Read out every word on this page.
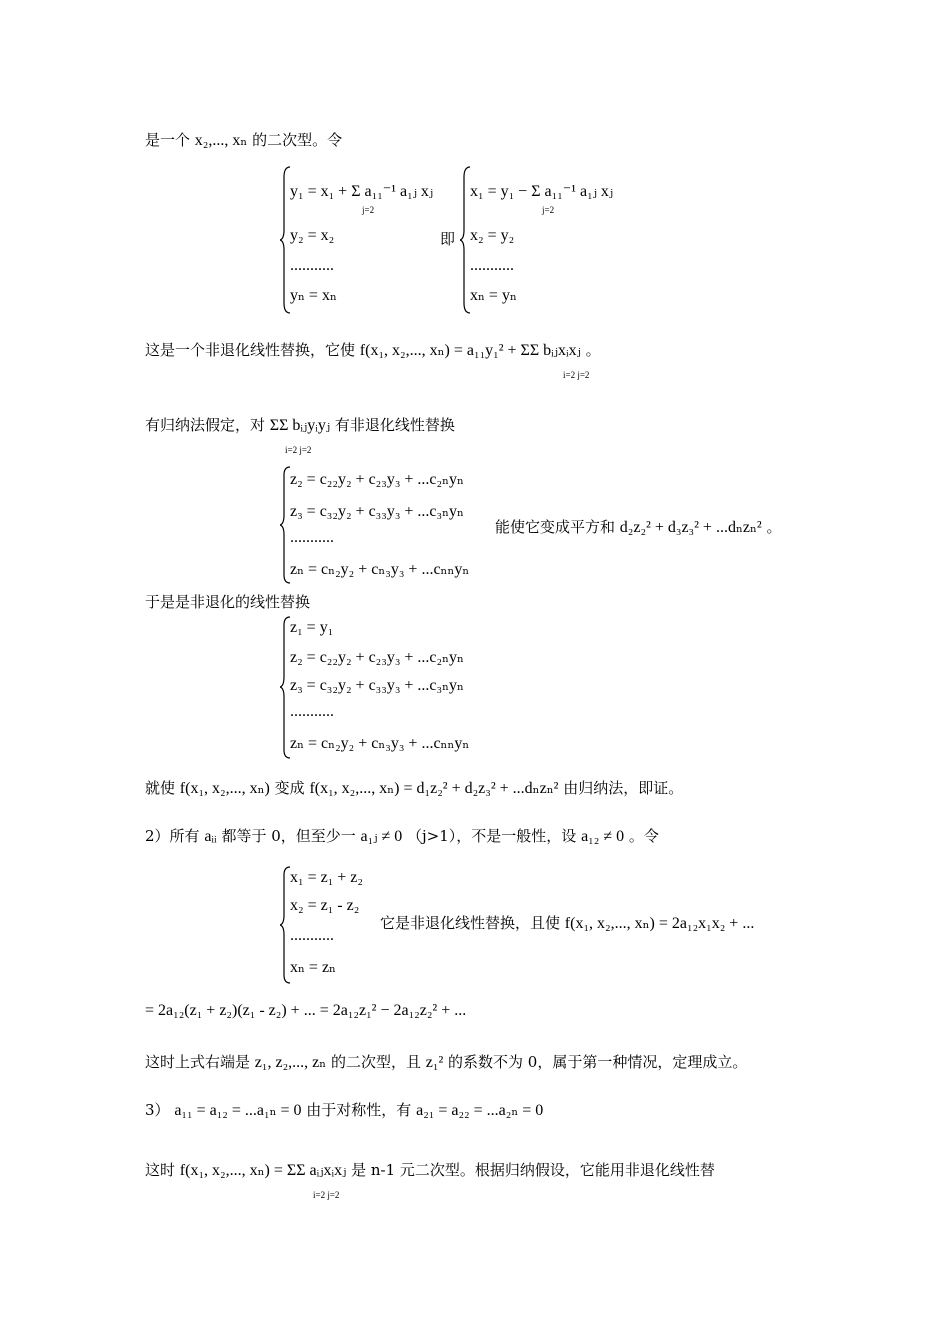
是一个 x₂,..., xₙ 的二次型。令
y₁ = x₁ + Σ a₁₁⁻¹ a₁ⱼ xⱼ
j=2
y₂ = x₂
...........
yₙ = xₙ
即
x₁ = y₁ − Σ a₁₁⁻¹ a₁ⱼ xⱼ
j=2
x₂ = y₂
...........
xₙ = yₙ
这是一个非退化线性替换，它使 f(x₁, x₂,..., xₙ) = a₁₁y₁² + ΣΣ bᵢⱼxᵢxⱼ 。
i=2 j=2
有归纳法假定，对 ΣΣ bᵢⱼyᵢyⱼ 有非退化线性替换
i=2 j=2
z₂ = c₂₂y₂ + c₂₃y₃ + ...c₂ₙyₙ
z₃ = c₃₂y₂ + c₃₃y₃ + ...c₃ₙyₙ
...........
zₙ = cₙ₂y₂ + cₙ₃y₃ + ...cₙₙyₙ
能使它变成平方和 d₂z₂² + d₃z₃² + ...dₙzₙ² 。
于是是非退化的线性替换
z₁ = y₁
z₂ = c₂₂y₂ + c₂₃y₃ + ...c₂ₙyₙ
z₃ = c₃₂y₂ + c₃₃y₃ + ...c₃ₙyₙ
...........
zₙ = cₙ₂y₂ + cₙ₃y₃ + ...cₙₙyₙ
就使 f(x₁, x₂,..., xₙ) 变成 f(x₁, x₂,..., xₙ) = d₁z₂² + d₂z₃² + ...dₙzₙ² 由归纳法，即证。
2）所有 aᵢᵢ 都等于 0，但至少一 a₁ⱼ ≠ 0 （j>1），不是一般性，设 a₁₂ ≠ 0 。令
x₁ = z₁ + z₂
x₂ = z₁ - z₂
...........
xₙ = zₙ
它是非退化线性替换，且使 f(x₁, x₂,..., xₙ) = 2a₁₂x₁x₂ + ...
= 2a₁₂(z₁ + z₂)(z₁ - z₂) + ... = 2a₁₂z₁² − 2a₁₂z₂² + ...
这时上式右端是 z₁, z₂,..., zₙ 的二次型，且 z₁² 的系数不为 0，属于第一种情况，定理成立。
3） a₁₁ = a₁₂ = ...a₁ₙ = 0 由于对称性，有 a₂₁ = a₂₂ = ...a₂ₙ = 0
这时 f(x₁, x₂,..., xₙ) = ΣΣ aᵢⱼxᵢxⱼ 是 n-1 元二次型。根据归纳假设，它能用非退化线性替
i=2 j=2
